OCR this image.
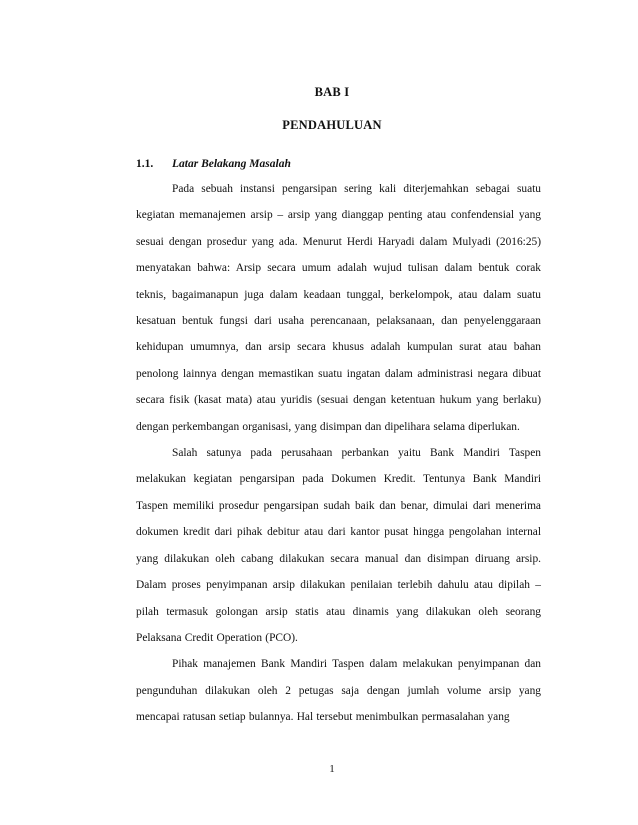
BAB I
PENDAHULUAN
1.1. Latar Belakang Masalah

Pada sebuah instansi pengarsipan sering kali diterjemahkan sebagai suatu kegiatan memanajemen arsip – arsip yang dianggap penting atau confendensial yang sesuai dengan prosedur yang ada. Menurut Herdi Haryadi dalam Mulyadi (2016:25) menyatakan bahwa: Arsip secara umum adalah wujud tulisan dalam bentuk corak teknis, bagaimanapun juga dalam keadaan tunggal, berkelompok, atau dalam suatu kesatuan bentuk fungsi dari usaha perencanaan, pelaksanaan, dan penyelenggaraan kehidupan umumnya, dan arsip secara khusus adalah kumpulan surat atau bahan penolong lainnya dengan memastikan suatu ingatan dalam administrasi negara dibuat secara fisik (kasat mata) atau yuridis (sesuai dengan ketentuan hukum yang berlaku) dengan perkembangan organisasi, yang disimpan dan dipelihara selama diperlukan.

Salah satunya pada perusahaan perbankan yaitu Bank Mandiri Taspen melakukan kegiatan pengarsipan pada Dokumen Kredit. Tentunya Bank Mandiri Taspen memiliki prosedur pengarsipan sudah baik dan benar, dimulai dari menerima dokumen kredit dari pihak debitur atau dari kantor pusat hingga pengolahan internal yang dilakukan oleh cabang dilakukan secara manual dan disimpan diruang arsip. Dalam proses penyimpanan arsip dilakukan penilaian terlebih dahulu atau dipilah – pilah termasuk golongan arsip statis atau dinamis yang dilakukan oleh seorang Pelaksana Credit Operation (PCO).

Pihak manajemen Bank Mandiri Taspen dalam melakukan penyimpanan dan pengunduhan dilakukan oleh 2 petugas saja dengan jumlah volume arsip yang mencapai ratusan setiap bulannya. Hal tersebut menimbulkan permasalahan yang

1
